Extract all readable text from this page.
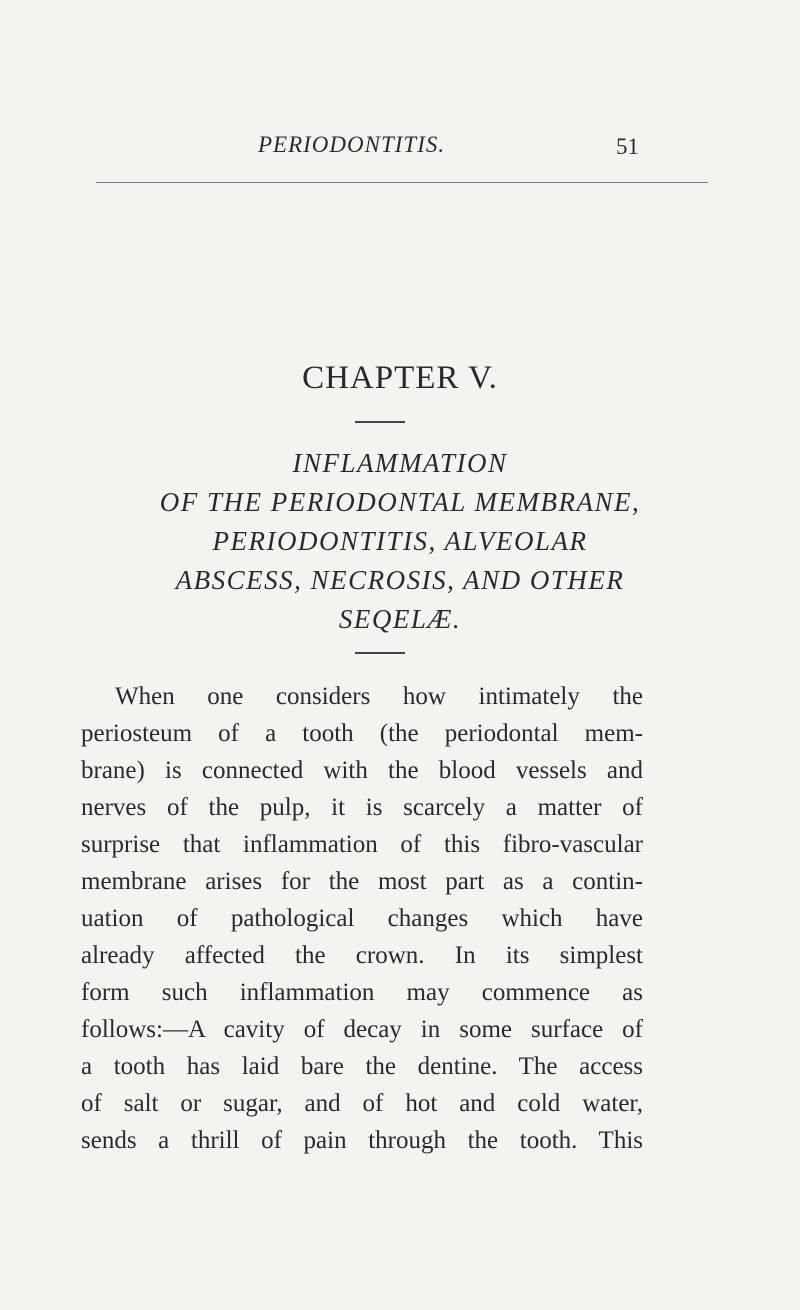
PERIODONTITIS.	51
CHAPTER V.
INFLAMMATION
OF THE PERIODONTAL MEMBRANE,
PERIODONTITIS, ALVEOLAR
ABSCESS, NECROSIS, AND OTHER
SEQELÆ.
When one considers how intimately the
periosteum of a tooth (the periodontal mem-
brane) is connected with the blood vessels and
nerves of the pulp, it is scarcely a matter of
surprise that inflammation of this fibro-vascular
membrane arises for the most part as a contin-
uation of pathological changes which have
already affected the crown. In its simplest
form such inflammation may commence as
follows:—A cavity of decay in some surface of
a tooth has laid bare the dentine. The access
of salt or sugar, and of hot and cold water,
sends a thrill of pain through the tooth. This
